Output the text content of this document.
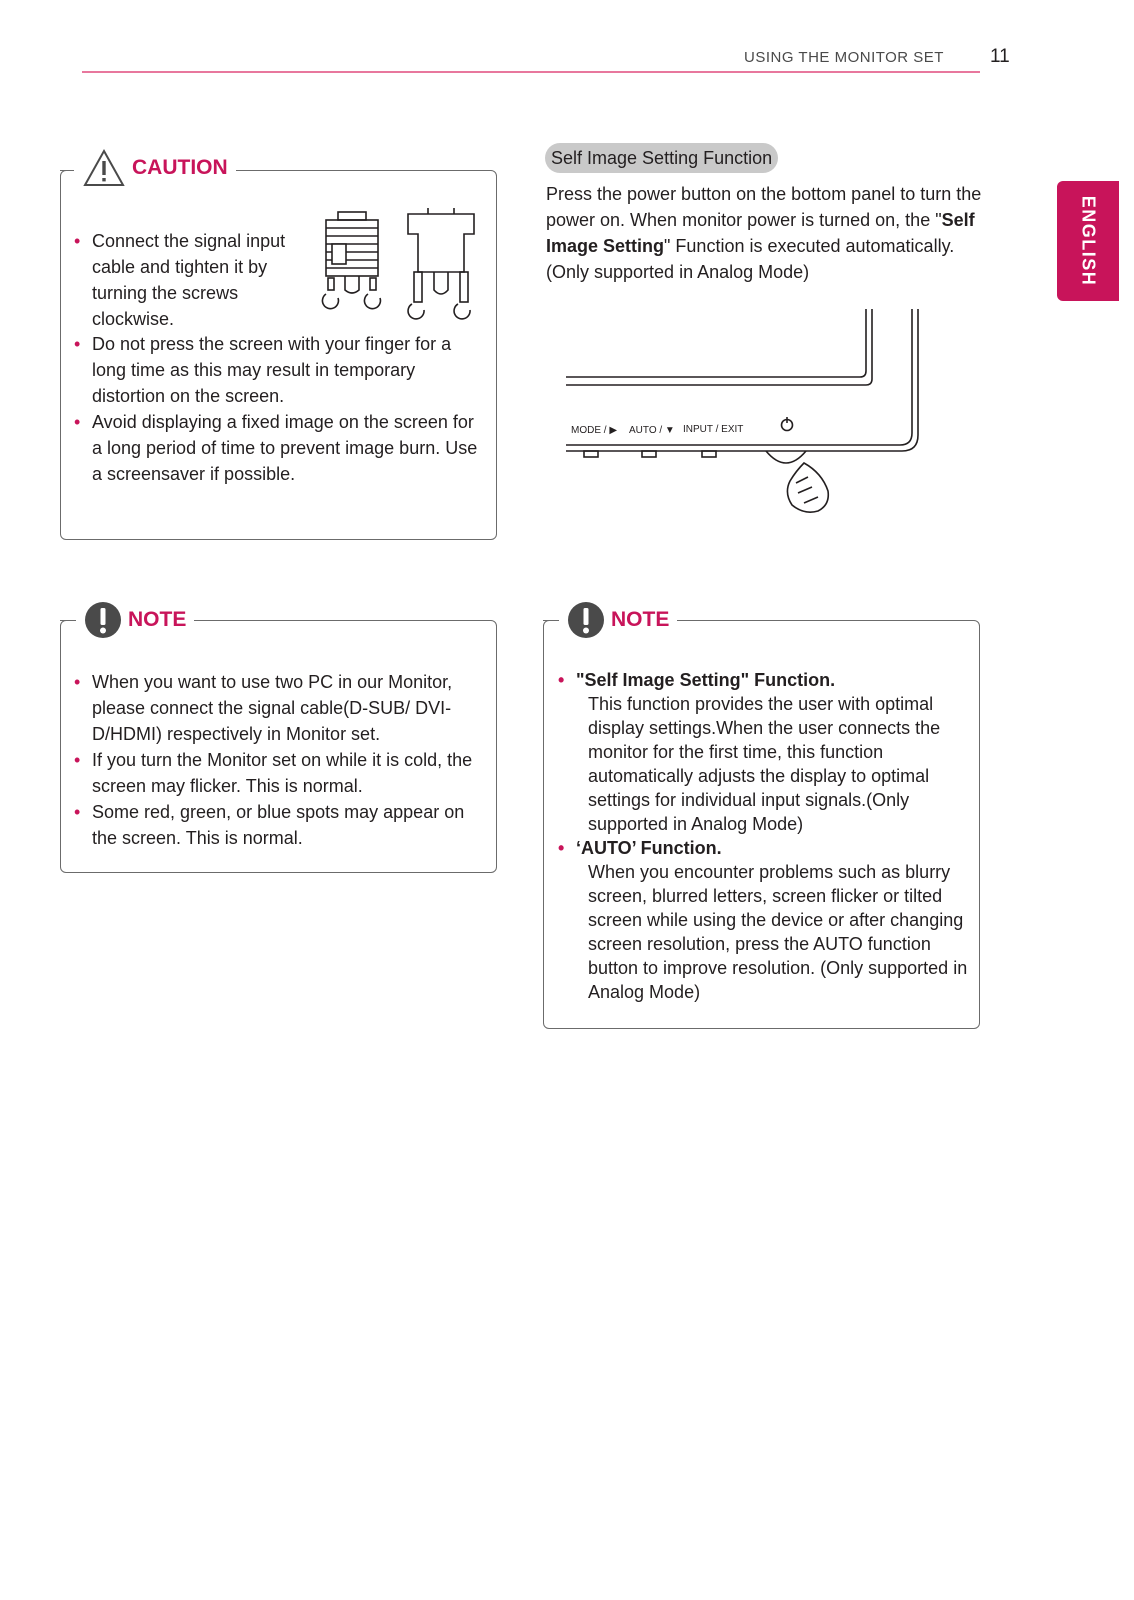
USING THE MONITOR SET 11
ENGLISH
CAUTION
• Connect the signal input cable and tighten it by turning the screws clockwise.
• Do not press the screen with your finger for a long time as this may result in temporary distortion on the screen.
• Avoid displaying a fixed image on the screen for a long period of time to prevent image burn. Use a screensaver if possible.
Self Image Setting Function
Press the power button on the bottom panel to turn the power on. When monitor power is turned on, the "Self Image Setting" Function is executed automatically. (Only supported in Analog Mode)
MODE / ▶ AUTO / ▼ INPUT / EXIT
NOTE
• When you want to use two PC in our Monitor, please connect the signal cable(D-SUB/ DVI-D/HDMI) respectively in Monitor set.
• If you turn the Monitor set on while it is cold, the screen may flicker. This is normal.
• Some red, green, or blue spots may appear on the screen. This is normal.
NOTE
• "Self Image Setting" Function.
This function provides the user with optimal display settings.When the user connects the monitor for the first time, this function automatically adjusts the display to optimal settings for individual input signals.(Only supported in Analog Mode)
• ‘AUTO’ Function.
When you encounter problems such as blurry screen, blurred letters, screen flicker or tilted screen while using the device or after changing screen resolution, press the AUTO function button to improve resolution. (Only supported in Analog Mode)
